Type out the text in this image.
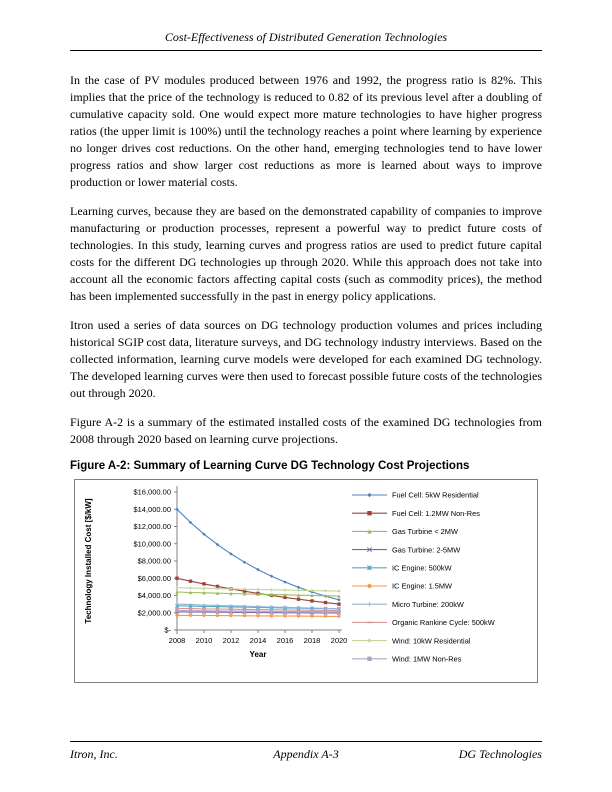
Cost-Effectiveness of Distributed Generation Technologies

In the case of PV modules produced between 1976 and 1992, the progress ratio is 82%. This implies that the price of the technology is reduced to 0.82 of its previous level after a doubling of cumulative capacity sold. One would expect more mature technologies to have higher progress ratios (the upper limit is 100%) until the technology reaches a point where learning by experience no longer drives cost reductions. On the other hand, emerging technologies tend to have lower progress ratios and show larger cost reductions as more is learned about ways to improve production or lower material costs.

Learning curves, because they are based on the demonstrated capability of companies to improve manufacturing or production processes, represent a powerful way to predict future costs of technologies. In this study, learning curves and progress ratios are used to predict future capital costs for the different DG technologies up through 2020. While this approach does not take into account all the economic factors affecting capital costs (such as commodity prices), the method has been implemented successfully in the past in energy policy applications.

Itron used a series of data sources on DG technology production volumes and prices including historical SGIP cost data, literature surveys, and DG technology industry interviews. Based on the collected information, learning curve models were developed for each examined DG technology. The developed learning curves were then used to forecast possible future costs of the technologies out through 2020.

Figure A-2 is a summary of the estimated installed costs of the examined DG technologies from 2008 through 2020 based on learning curve projections.

Figure A-2: Summary of Learning Curve DG Technology Cost Projections
$16,000.00
$14,000.00
$12,000.00
$10,000.00
$8,000.00
$6,000.00
$4,000.00
$2,000.00
$-
2008 2010 2012 2014 2016 2018 2020
Year
Technology Installed Cost [$/kW]
Fuel Cell: 5kW Residential
Fuel Cell: 1.2MW Non-Res
Gas Turbine < 2MW
Gas Turbine: 2-5MW
IC Engine: 500kW
IC Engine: 1.5MW
Micro Turbine: 200kW
Organic Rankine Cycle: 500kW
Wind: 10kW Residential
Wind: 1MW Non-Res
Itron, Inc.	Appendix A-3	DG Technologies
